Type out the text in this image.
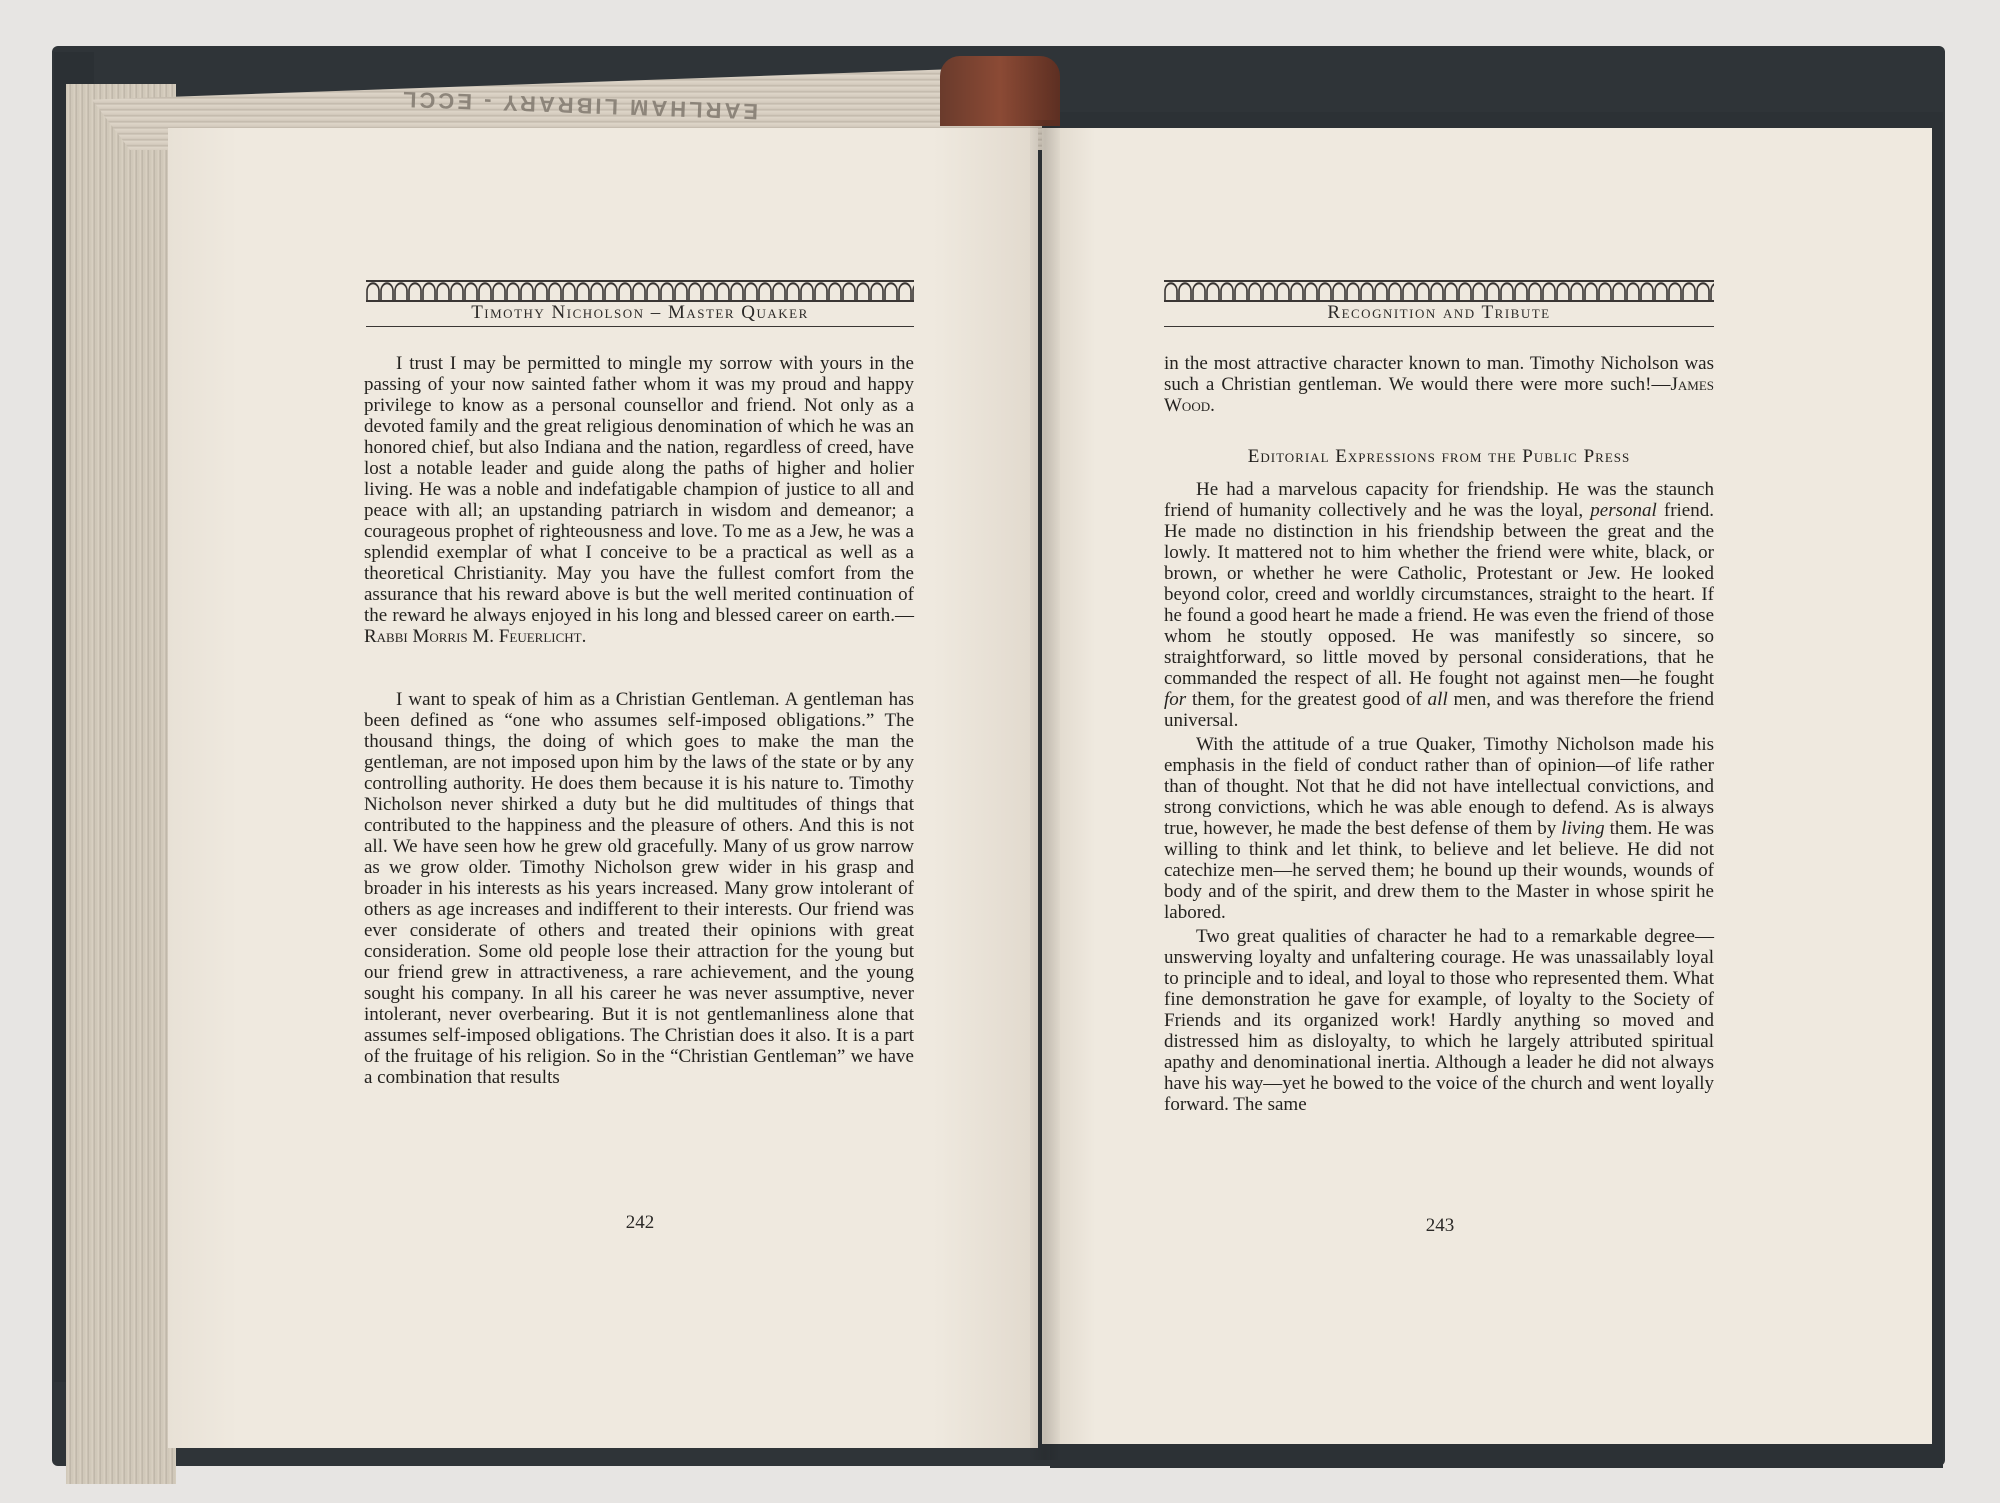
EARLHAM LIBRARY - ECCL
Timothy Nicholson – Master Quaker

I trust I may be permitted to mingle my sorrow with yours in the passing of your now sainted father whom it was my proud and happy privilege to know as a personal counsellor and friend. Not only as a devoted family and the great religious denomination of which he was an honored chief, but also Indiana and the nation, regardless of creed, have lost a notable leader and guide along the paths of higher and holier living. He was a noble and indefatigable champion of justice to all and peace with all; an upstanding patriarch in wisdom and demeanor; a courageous prophet of righteousness and love. To me as a Jew, he was a splendid exemplar of what I conceive to be a practical as well as a theoretical Christianity. May you have the fullest comfort from the assurance that his reward above is but the well merited continuation of the reward he always enjoyed in his long and blessed career on earth.—Rabbi Morris M. Feuerlicht.

I want to speak of him as a Christian Gentleman. A gentleman has been defined as “one who assumes self-imposed obligations.” The thousand things, the doing of which goes to make the man the gentleman, are not imposed upon him by the laws of the state or by any controlling authority. He does them because it is his nature to. Timothy Nicholson never shirked a duty but he did multitudes of things that contributed to the happiness and the pleasure of others. And this is not all. We have seen how he grew old gracefully. Many of us grow narrow as we grow older. Timothy Nicholson grew wider in his grasp and broader in his interests as his years increased. Many grow intolerant of others as age increases and indifferent to their interests. Our friend was ever considerate of others and treated their opinions with great consideration. Some old people lose their attraction for the young but our friend grew in attractiveness, a rare achievement, and the young sought his company. In all his career he was never assumptive, never intolerant, never overbearing. But it is not gentlemanliness alone that assumes self-imposed obligations. The Christian does it also. It is a part of the fruitage of his religion. So in the “Christian Gentleman” we have a combination that results

242
Recognition and Tribute

in the most attractive character known to man. Timothy Nicholson was such a Christian gentleman. We would there were more such!—James Wood.

Editorial Expressions from the Public Press

He had a marvelous capacity for friendship. He was the staunch friend of humanity collectively and he was the loyal, personal friend. He made no distinction in his friendship between the great and the lowly. It mattered not to him whether the friend were white, black, or brown, or whether he were Catholic, Protestant or Jew. He looked beyond color, creed and worldly circumstances, straight to the heart. If he found a good heart he made a friend. He was even the friend of those whom he stoutly opposed. He was manifestly so sincere, so straightforward, so little moved by personal considerations, that he commanded the respect of all. He fought not against men—he fought for them, for the greatest good of all men, and was therefore the friend universal.

With the attitude of a true Quaker, Timothy Nicholson made his emphasis in the field of conduct rather than of opinion—of life rather than of thought. Not that he did not have intellectual convictions, and strong convictions, which he was able enough to defend. As is always true, however, he made the best defense of them by living them. He was willing to think and let think, to believe and let believe. He did not catechize men—he served them; he bound up their wounds, wounds of body and of the spirit, and drew them to the Master in whose spirit he labored.

Two great qualities of character he had to a remarkable degree—unswerving loyalty and unfaltering courage. He was unassailably loyal to principle and to ideal, and loyal to those who represented them. What fine demonstration he gave for example, of loyalty to the Society of Friends and its organized work! Hardly anything so moved and distressed him as disloyalty, to which he largely attributed spiritual apathy and denominational inertia. Although a leader he did not always have his way—yet he bowed to the voice of the church and went loyally forward. The same

243
